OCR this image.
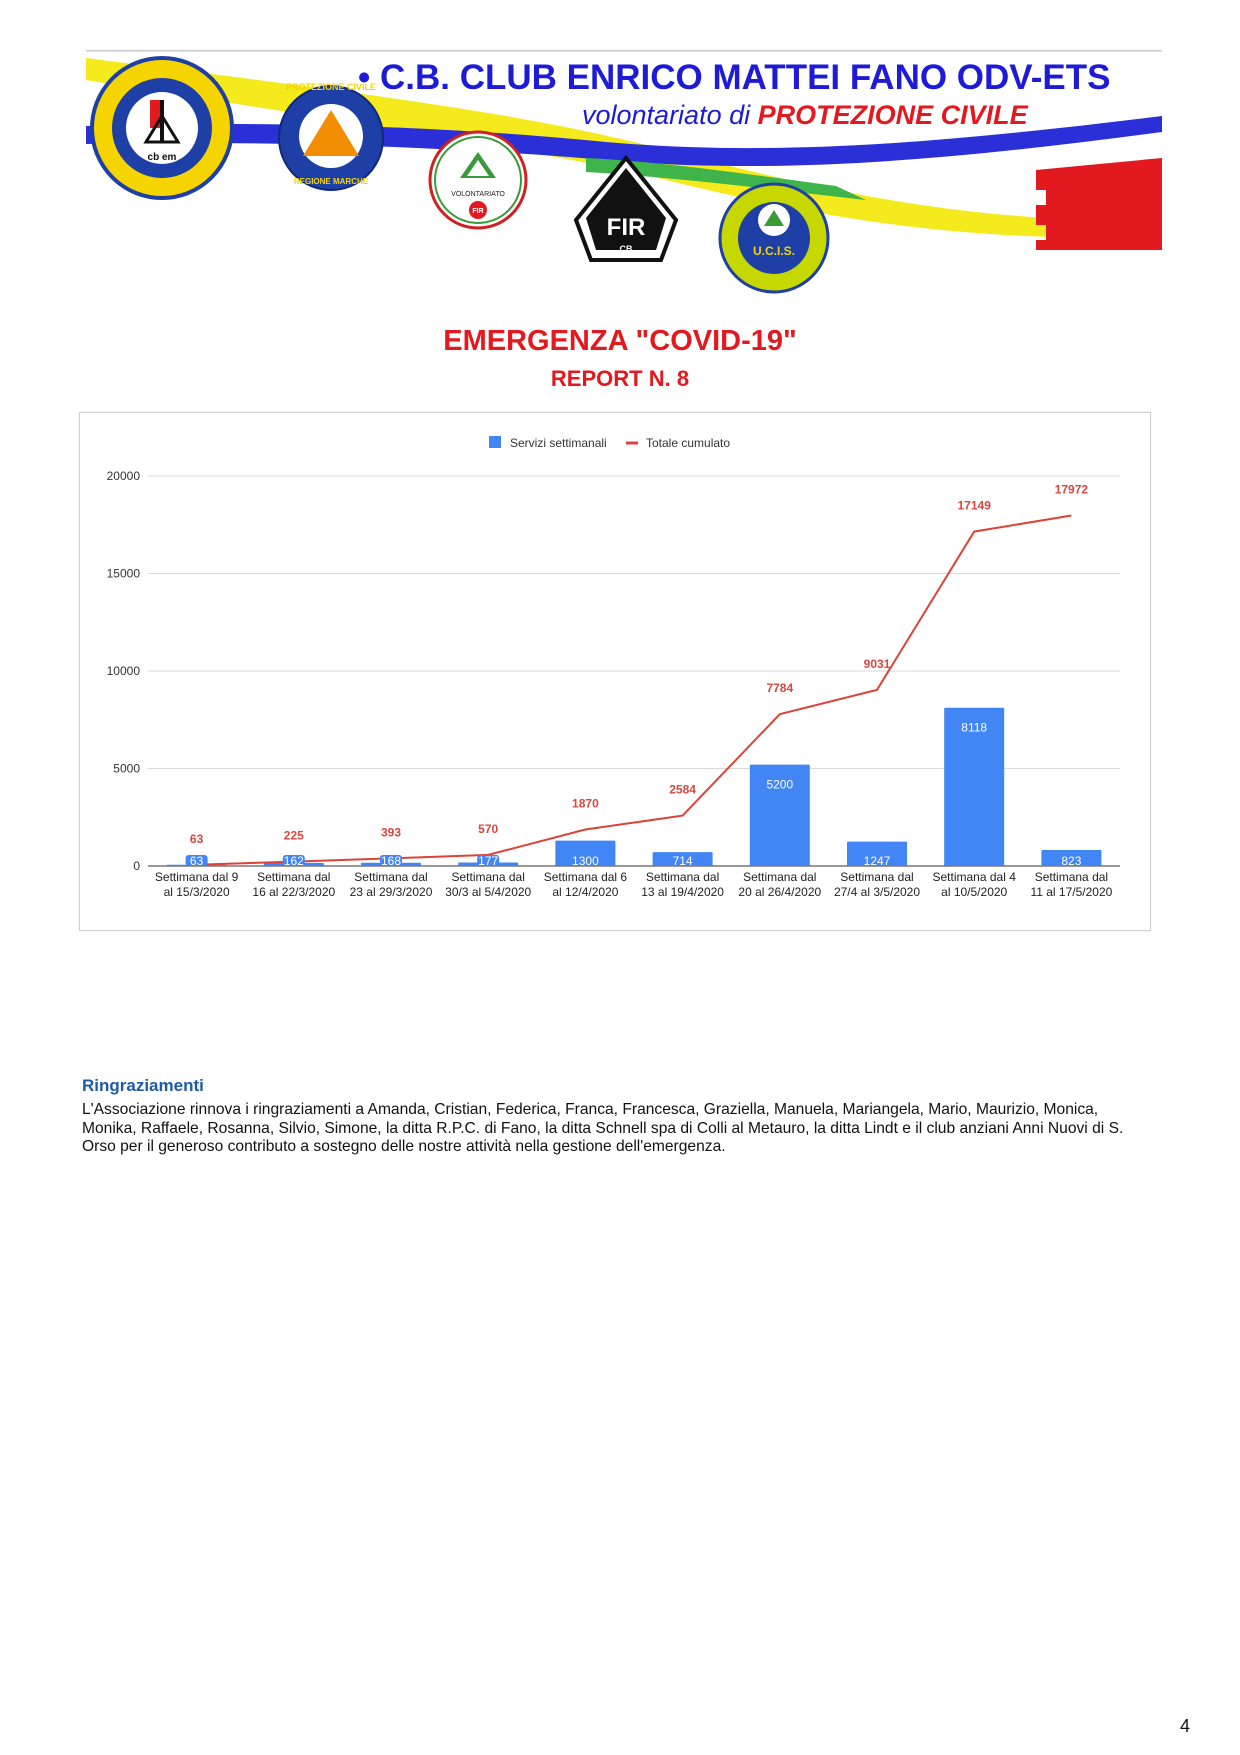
cb em
PROTEZIONE CIVILE
REGIONE MARCHE
VOLONTARIATO
FIR
FIR
CB	U.C.I.S.
• C.B. CLUB ENRICO MATTEI FANO ODV-ETS
volontariato di PROTEZIONE CIVILE
EMERGENZA "COVID-19"
REPORT N. 8
0
5000
10000
15000
20000
Servizi settimanali	Totale cumulato
63	162	168	177	1300	714
5200
1247
8118
823
63	225	393	570
1870
2584
7784
9031
17149
17972
Settimana dal 9
al 15/3/2020
Settimana dal
16 al 22/3/2020
Settimana dal
23 al 29/3/2020
Settimana dal
30/3 al 5/4/2020
Settimana dal 6
al 12/4/2020
Settimana dal
13 al 19/4/2020
Settimana dal
20 al 26/4/2020
Settimana dal
27/4 al 3/5/2020
Settimana dal 4
al 10/5/2020
Settimana dal
11 al 17/5/2020
Ringraziamenti
L'Associazione rinnova i ringraziamenti a Amanda, Cristian, Federica, Franca, Francesca, Graziella, Manuela, Mariangela, Mario, Maurizio, Monica,
Monika, Raffaele, Rosanna, Silvio, Simone, la ditta R.P.C. di Fano, la ditta Schnell spa di Colli al Metauro, la ditta Lindt e il club anziani Anni Nuovi di S.
Orso per il generoso contributo a sostegno delle nostre attività nella gestione dell'emergenza.
4
